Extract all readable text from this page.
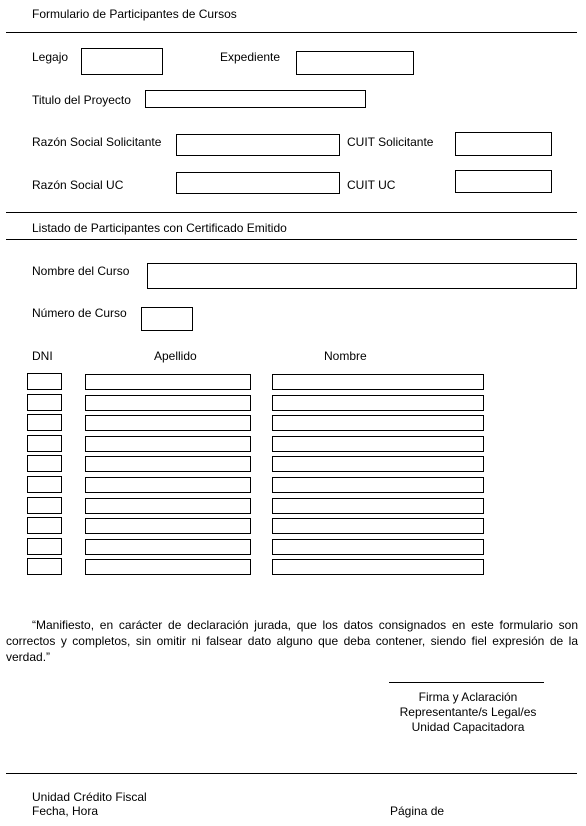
Formulario de Participantes de Cursos
Legajo	Expediente
Titulo del Proyecto
Razón Social Solicitante	CUIT Solicitante
Razón Social UC	CUIT UC
Listado de Participantes con Certificado Emitido
Nombre del Curso
Número de Curso
DNI	Apellido	Nombre
“Manifiesto, en carácter de declaración jurada, que los datos consignados en este formulario son correctos y completos, sin omitir ni falsear dato alguno que deba contener, siendo fiel expresión de la verdad.”
Firma y Aclaración
Representante/s Legal/es
Unidad Capacitadora
Unidad Crédito Fiscal
Fecha, Hora	Página de
